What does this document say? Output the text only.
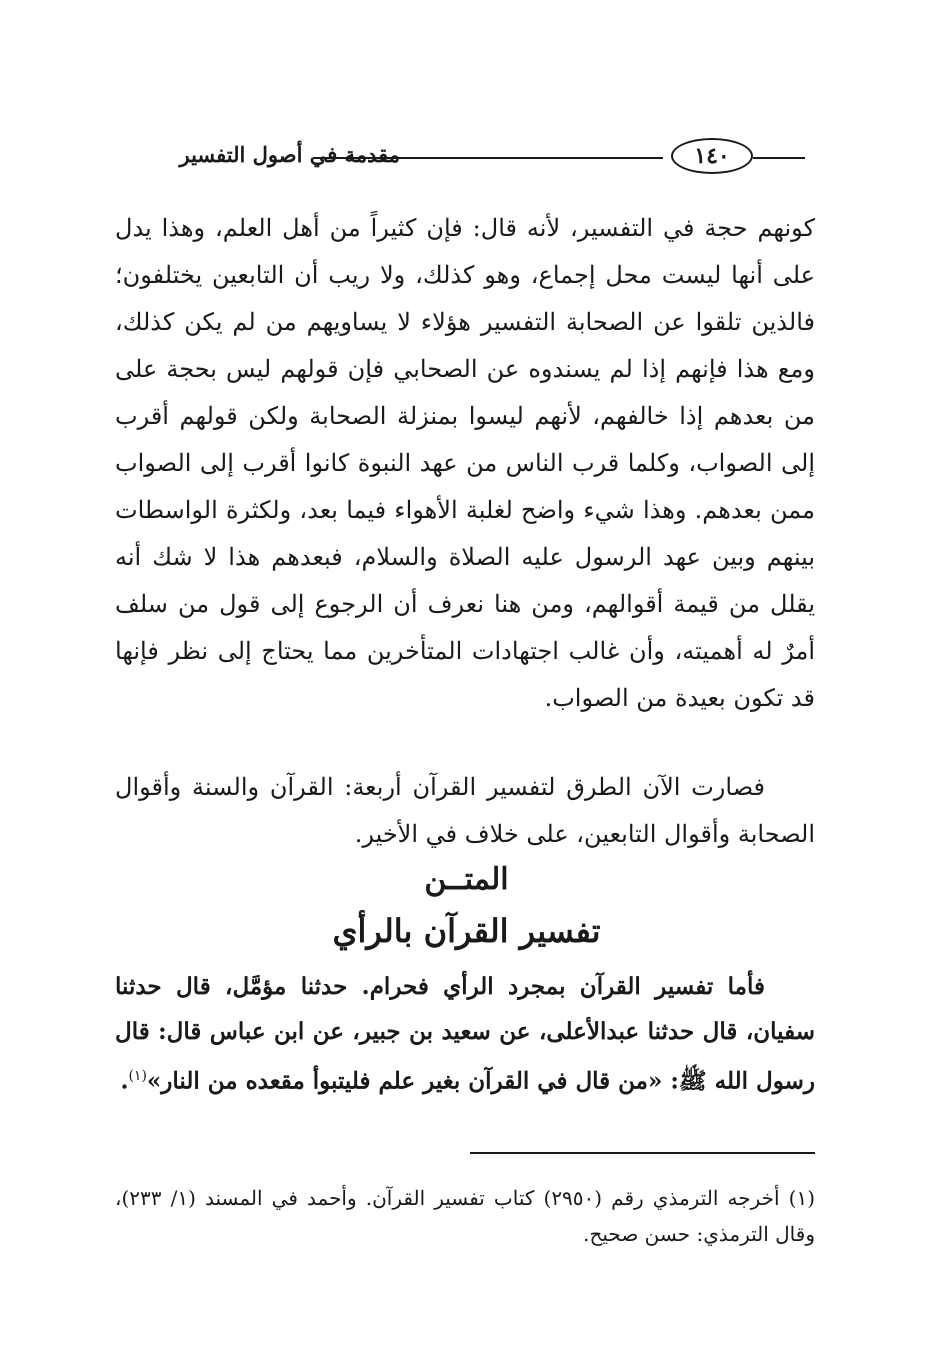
مقدمة في أصول التفسير	١٤٠

كونهم حجة في التفسير، لأنه قال: فإن كثيراً من أهل العلم، وهذا يدل على أنها ليست محل إجماع، وهو كذلك، ولا ريب أن التابعين يختلفون؛ فالذين تلقوا عن الصحابة التفسير هؤلاء لا يساويهم من لم يكن كذلك، ومع هذا فإنهم إذا لم يسندوه عن الصحابي فإن قولهم ليس بحجة على من بعدهم إذا خالفهم، لأنهم ليسوا بمنزلة الصحابة ولكن قولهم أقرب إلى الصواب، وكلما قرب الناس من عهد النبوة كانوا أقرب إلى الصواب ممن بعدهم. وهذا شيء واضح لغلبة الأهواء فيما بعد، ولكثرة الواسطات بينهم وبين عهد الرسول عليه الصلاة والسلام، فبعدهم هذا لا شك أنه يقلل من قيمة أقوالهم، ومن هنا نعرف أن الرجوع إلى قول من سلف أمرٌ له أهميته، وأن غالب اجتهادات المتأخرين مما يحتاج إلى نظر فإنها قد تكون بعيدة من الصواب.

فصارت الآن الطرق لتفسير القرآن أربعة: القرآن والسنة وأقوال الصحابة وأقوال التابعين، على خلاف في الأخير.
المتــن
تفسير القرآن بالرأي
فأما تفسير القرآن بمجرد الرأي فحرام. حدثنا مؤمَّل، قال حدثنا سفيان، قال حدثنا عبدالأعلى، عن سعيد بن جبير، عن ابن عباس قال: قال رسول الله ﷺ: «من قال في القرآن بغير علم فليتبوأ مقعده من النار»$^{(١)}$.
(١) أخرجه الترمذي رقم (٢٩٥٠) كتاب تفسير القرآن. وأحمد في المسند (١/ ٢٣٣)، وقال الترمذي: حسن صحيح.
